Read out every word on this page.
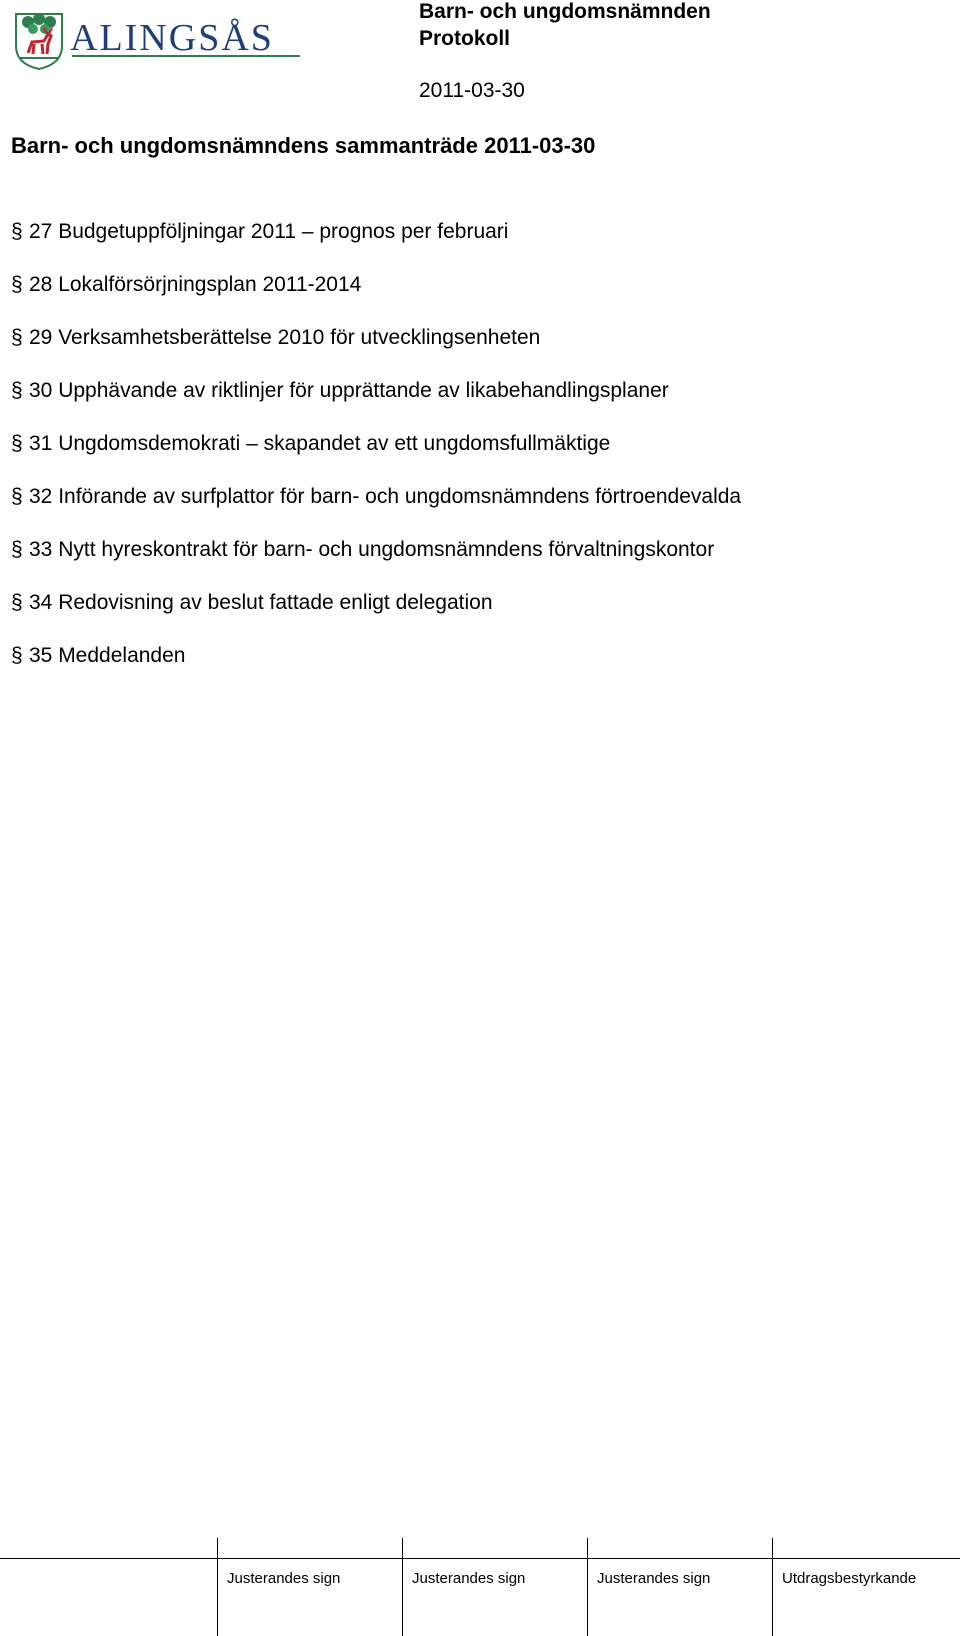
ALINGSÅS

Barn- och ungdomsnämnden

Protokoll

2011-03-30

Barn- och ungdomsnämndens sammanträde 2011-03-30
§ 27 Budgetuppföljningar 2011 – prognos per februari
§ 28 Lokalförsörjningsplan 2011-2014
§ 29 Verksamhetsberättelse 2010 för utvecklingsenheten
§ 30 Upphävande av riktlinjer för upprättande av likabehandlingsplaner
§ 31 Ungdomsdemokrati – skapandet av ett ungdomsfullmäktige
§ 32 Införande av surfplattor för barn- och ungdomsnämndens förtroendevalda
§ 33 Nytt hyreskontrakt för barn- och ungdomsnämndens förvaltningskontor
§ 34 Redovisning av beslut fattade enligt delegation
§ 35 Meddelanden
Justerandes sign	Justerandes sign	Justerandes sign	Utdragsbestyrkande
